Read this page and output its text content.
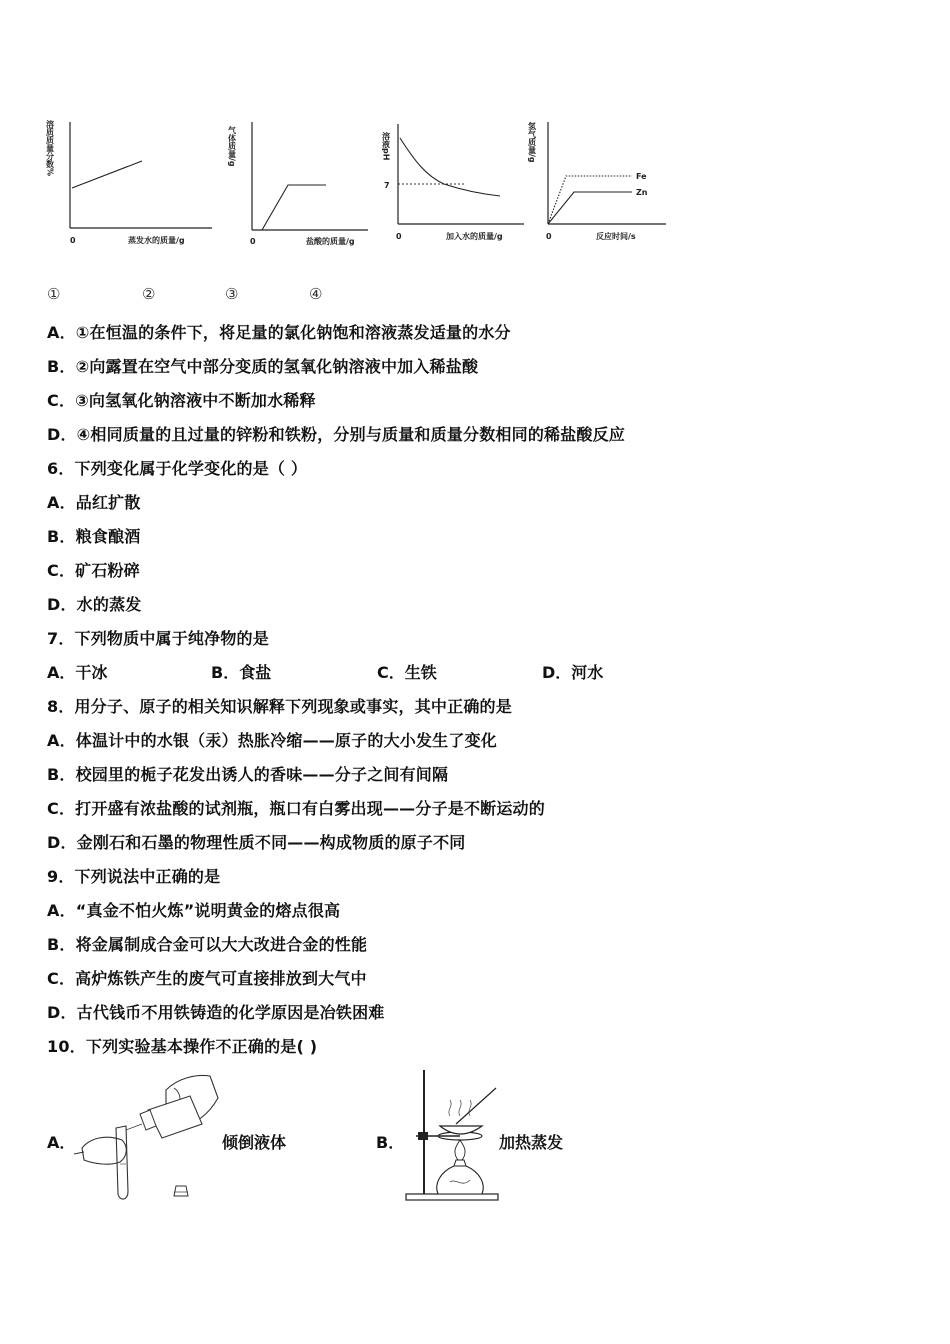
溶质质量分数%
0	蒸发水的质量/g
气体质量/g
0	盐酸的质量/g
溶液pH
7
0	加入水的质量/g
氢气质量/g
Fe
Zn
0	反应时间/s
①	②	③	④
A．①在恒温的条件下，将足量的氯化钠饱和溶液蒸发适量的水分
B．②向露置在空气中部分变质的氢氧化钠溶液中加入稀盐酸
C．③向氢氧化钠溶液中不断加水稀释
D．④相同质量的且过量的锌粉和铁粉，分别与质量和质量分数相同的稀盐酸反应
6．下列变化属于化学变化的是（ ）
A．品红扩散
B．粮食酿酒
C．矿石粉碎
D．水的蒸发
7．下列物质中属于纯净物的是
A．干冰	B．食盐	C．生铁	D．河水
8．用分子、原子的相关知识解释下列现象或事实，其中正确的是
A．体温计中的水银（汞）热胀冷缩——原子的大小发生了变化
B．校园里的栀子花发出诱人的香味——分子之间有间隔
C．打开盛有浓盐酸的试剂瓶，瓶口有白雾出现——分子是不断运动的
D．金刚石和石墨的物理性质不同——构成物质的原子不同
9．下列说法中正确的是
A．“真金不怕火炼”说明黄金的熔点很高
B．将金属制成合金可以大大改进合金的性能
C．高炉炼铁产生的废气可直接排放到大气中
D．古代钱币不用铁铸造的化学原因是冶铁困难
10．下列实验基本操作不正确的是( )
A．	倾倒液体	B．	加热蒸发
